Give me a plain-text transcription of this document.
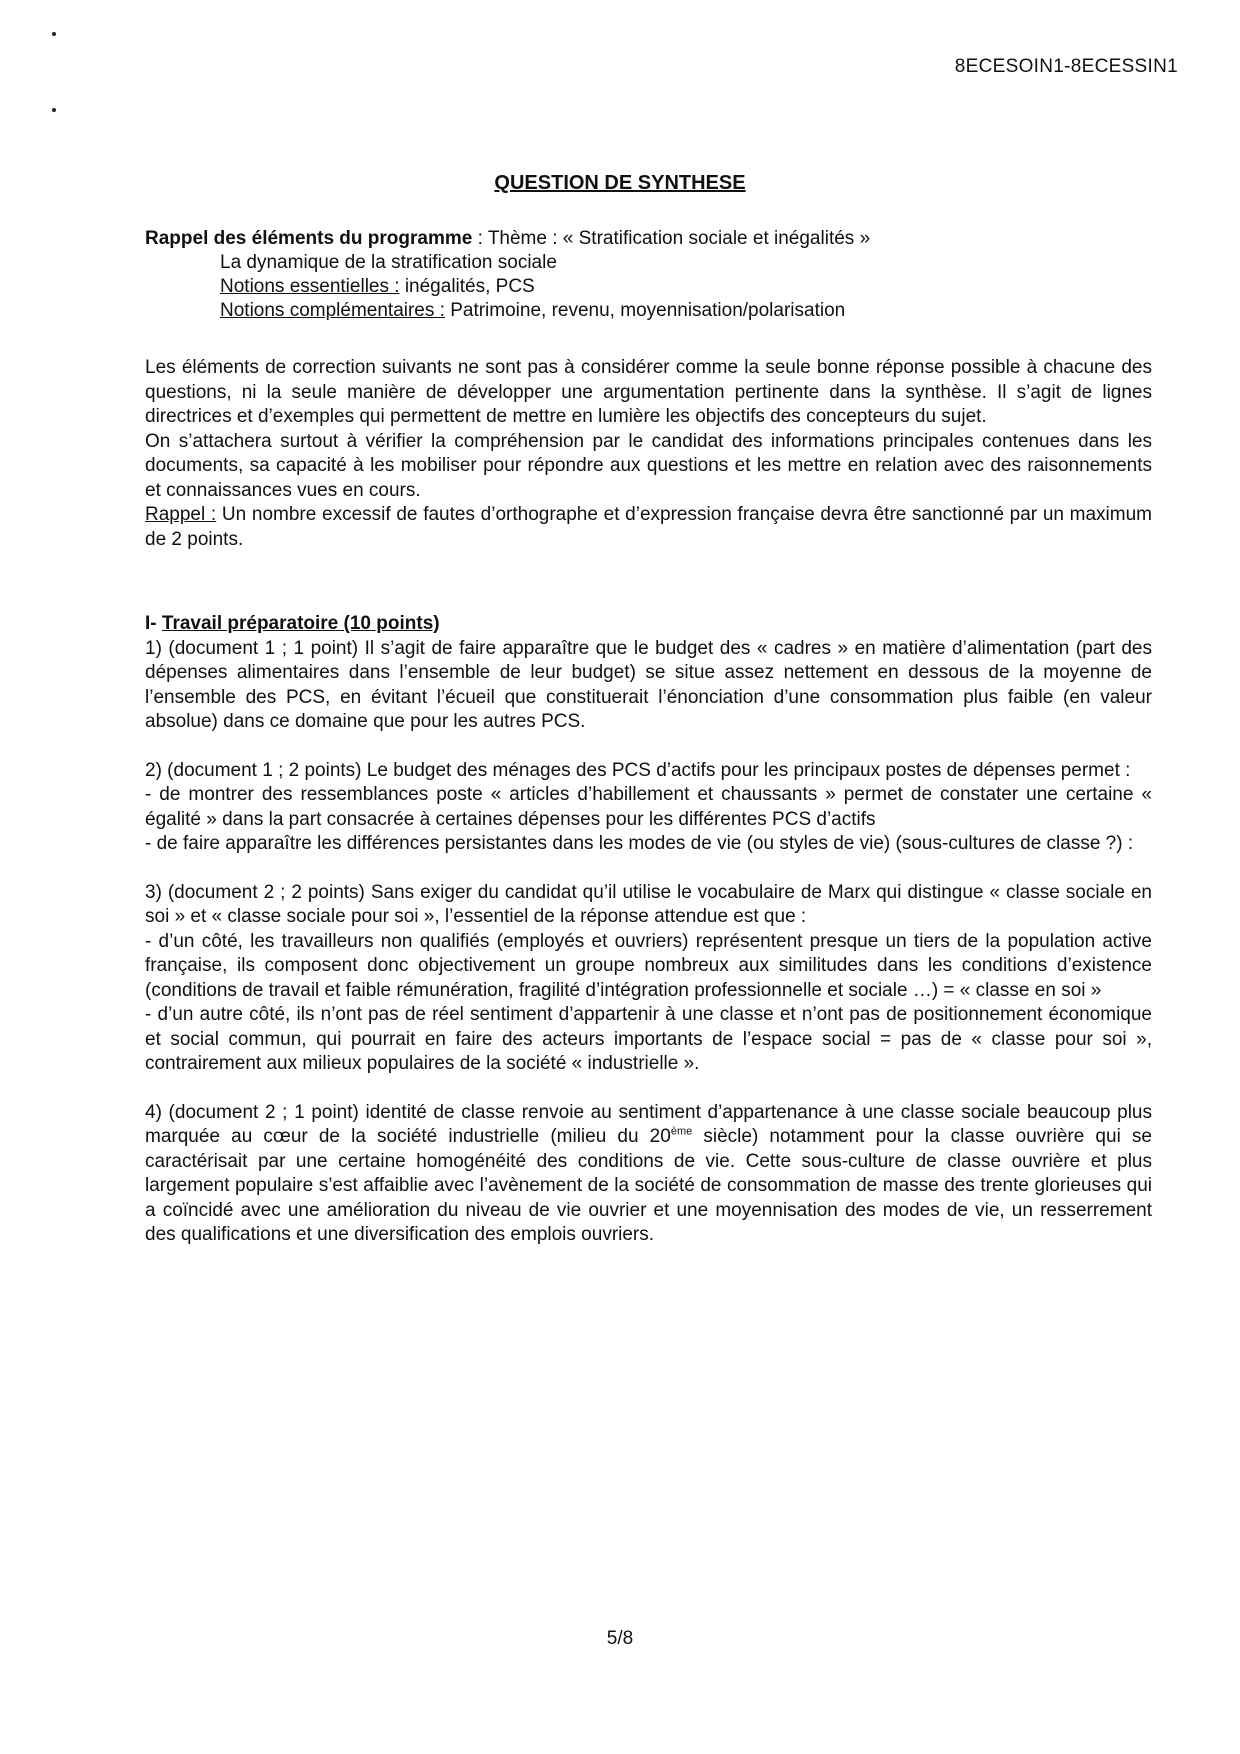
8ECESOIN1-8ECESSIN1
QUESTION DE SYNTHESE
Rappel des éléments du programme : Thème : « Stratification sociale et inégalités »
La dynamique de la stratification sociale
Notions essentielles : inégalités, PCS
Notions complémentaires : Patrimoine, revenu, moyennisation/polarisation

Les éléments de correction suivants ne sont pas à considérer comme la seule bonne réponse possible à chacune des questions, ni la seule manière de développer une argumentation pertinente dans la synthèse. Il s’agit de lignes directrices et d’exemples qui permettent de mettre en lumière les objectifs des concepteurs du sujet.

On s’attachera surtout à vérifier la compréhension par le candidat des informations principales contenues dans les documents, sa capacité à les mobiliser pour répondre aux questions et les mettre en relation avec des raisonnements et connaissances vues en cours.

Rappel : Un nombre excessif de fautes d’orthographe et d’expression française devra être sanctionné par un maximum de 2 points.

I- Travail préparatoire (10 points)

1) (document 1 ; 1 point) Il s’agit de faire apparaître que le budget des « cadres » en matière d’alimentation (part des dépenses alimentaires dans l’ensemble de leur budget) se situe assez nettement en dessous de la moyenne de l’ensemble des PCS, en évitant l’écueil que constituerait l’énonciation d’une consommation plus faible (en valeur absolue) dans ce domaine que pour les autres PCS.

2) (document 1 ; 2 points) Le budget des ménages des PCS d’actifs pour les principaux postes de dépenses permet :

- de montrer des ressemblances poste « articles d’habillement et chaussants » permet de constater une certaine « égalité » dans la part consacrée à certaines dépenses pour les différentes PCS d’actifs

- de faire apparaître les différences persistantes dans les modes de vie (ou styles de vie) (sous-cultures de classe ?) :

3) (document 2 ; 2 points) Sans exiger du candidat qu’il utilise le vocabulaire de Marx qui distingue « classe sociale en soi » et « classe sociale pour soi », l’essentiel de la réponse attendue est que :

- d’un côté, les travailleurs non qualifiés (employés et ouvriers) représentent presque un tiers de la population active française, ils composent donc objectivement un groupe nombreux aux similitudes dans les conditions d’existence (conditions de travail et faible rémunération, fragilité d’intégration professionnelle et sociale …) = « classe en soi »

- d’un autre côté, ils n’ont pas de réel sentiment d’appartenir à une classe et n’ont pas de positionnement économique et social commun, qui pourrait en faire des acteurs importants de l’espace social = pas de « classe pour soi », contrairement aux milieux populaires de la société « industrielle ».

4) (document 2 ; 1 point) identité de classe renvoie au sentiment d’appartenance à une classe sociale beaucoup plus marquée au cœur de la société industrielle (milieu du 20ème siècle) notamment pour la classe ouvrière qui se caractérisait par une certaine homogénéité des conditions de vie. Cette sous-culture de classe ouvrière et plus largement populaire s’est affaiblie avec l’avènement de la société de consommation de masse des trente glorieuses qui a coïncidé avec une amélioration du niveau de vie ouvrier et une moyennisation des modes de vie, un resserrement des qualifications et une diversification des emplois ouvriers.

5/8
